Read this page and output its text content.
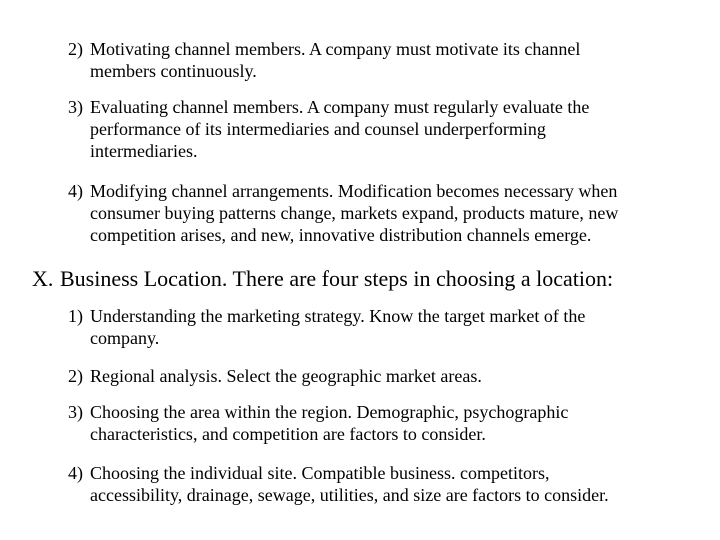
2) Motivating channel members. A company must motivate its channel
members continuously.
3) Evaluating channel members. A company must regularly evaluate the
performance of its intermediaries and counsel underperforming
intermediaries.
4) Modifying channel arrangements. Modification becomes necessary when
consumer buying patterns change, markets expand, products mature, new
competition arises, and new, innovative distribution channels emerge.
X. Business Location. There are four steps in choosing a location:
1) Understanding the marketing strategy. Know the target market of the
company.
2) Regional analysis. Select the geographic market areas.
3) Choosing the area within the region. Demographic, psychographic
characteristics, and competition are factors to consider.
4) Choosing the individual site. Compatible business. competitors,
accessibility, drainage, sewage, utilities, and size are factors to consider.
